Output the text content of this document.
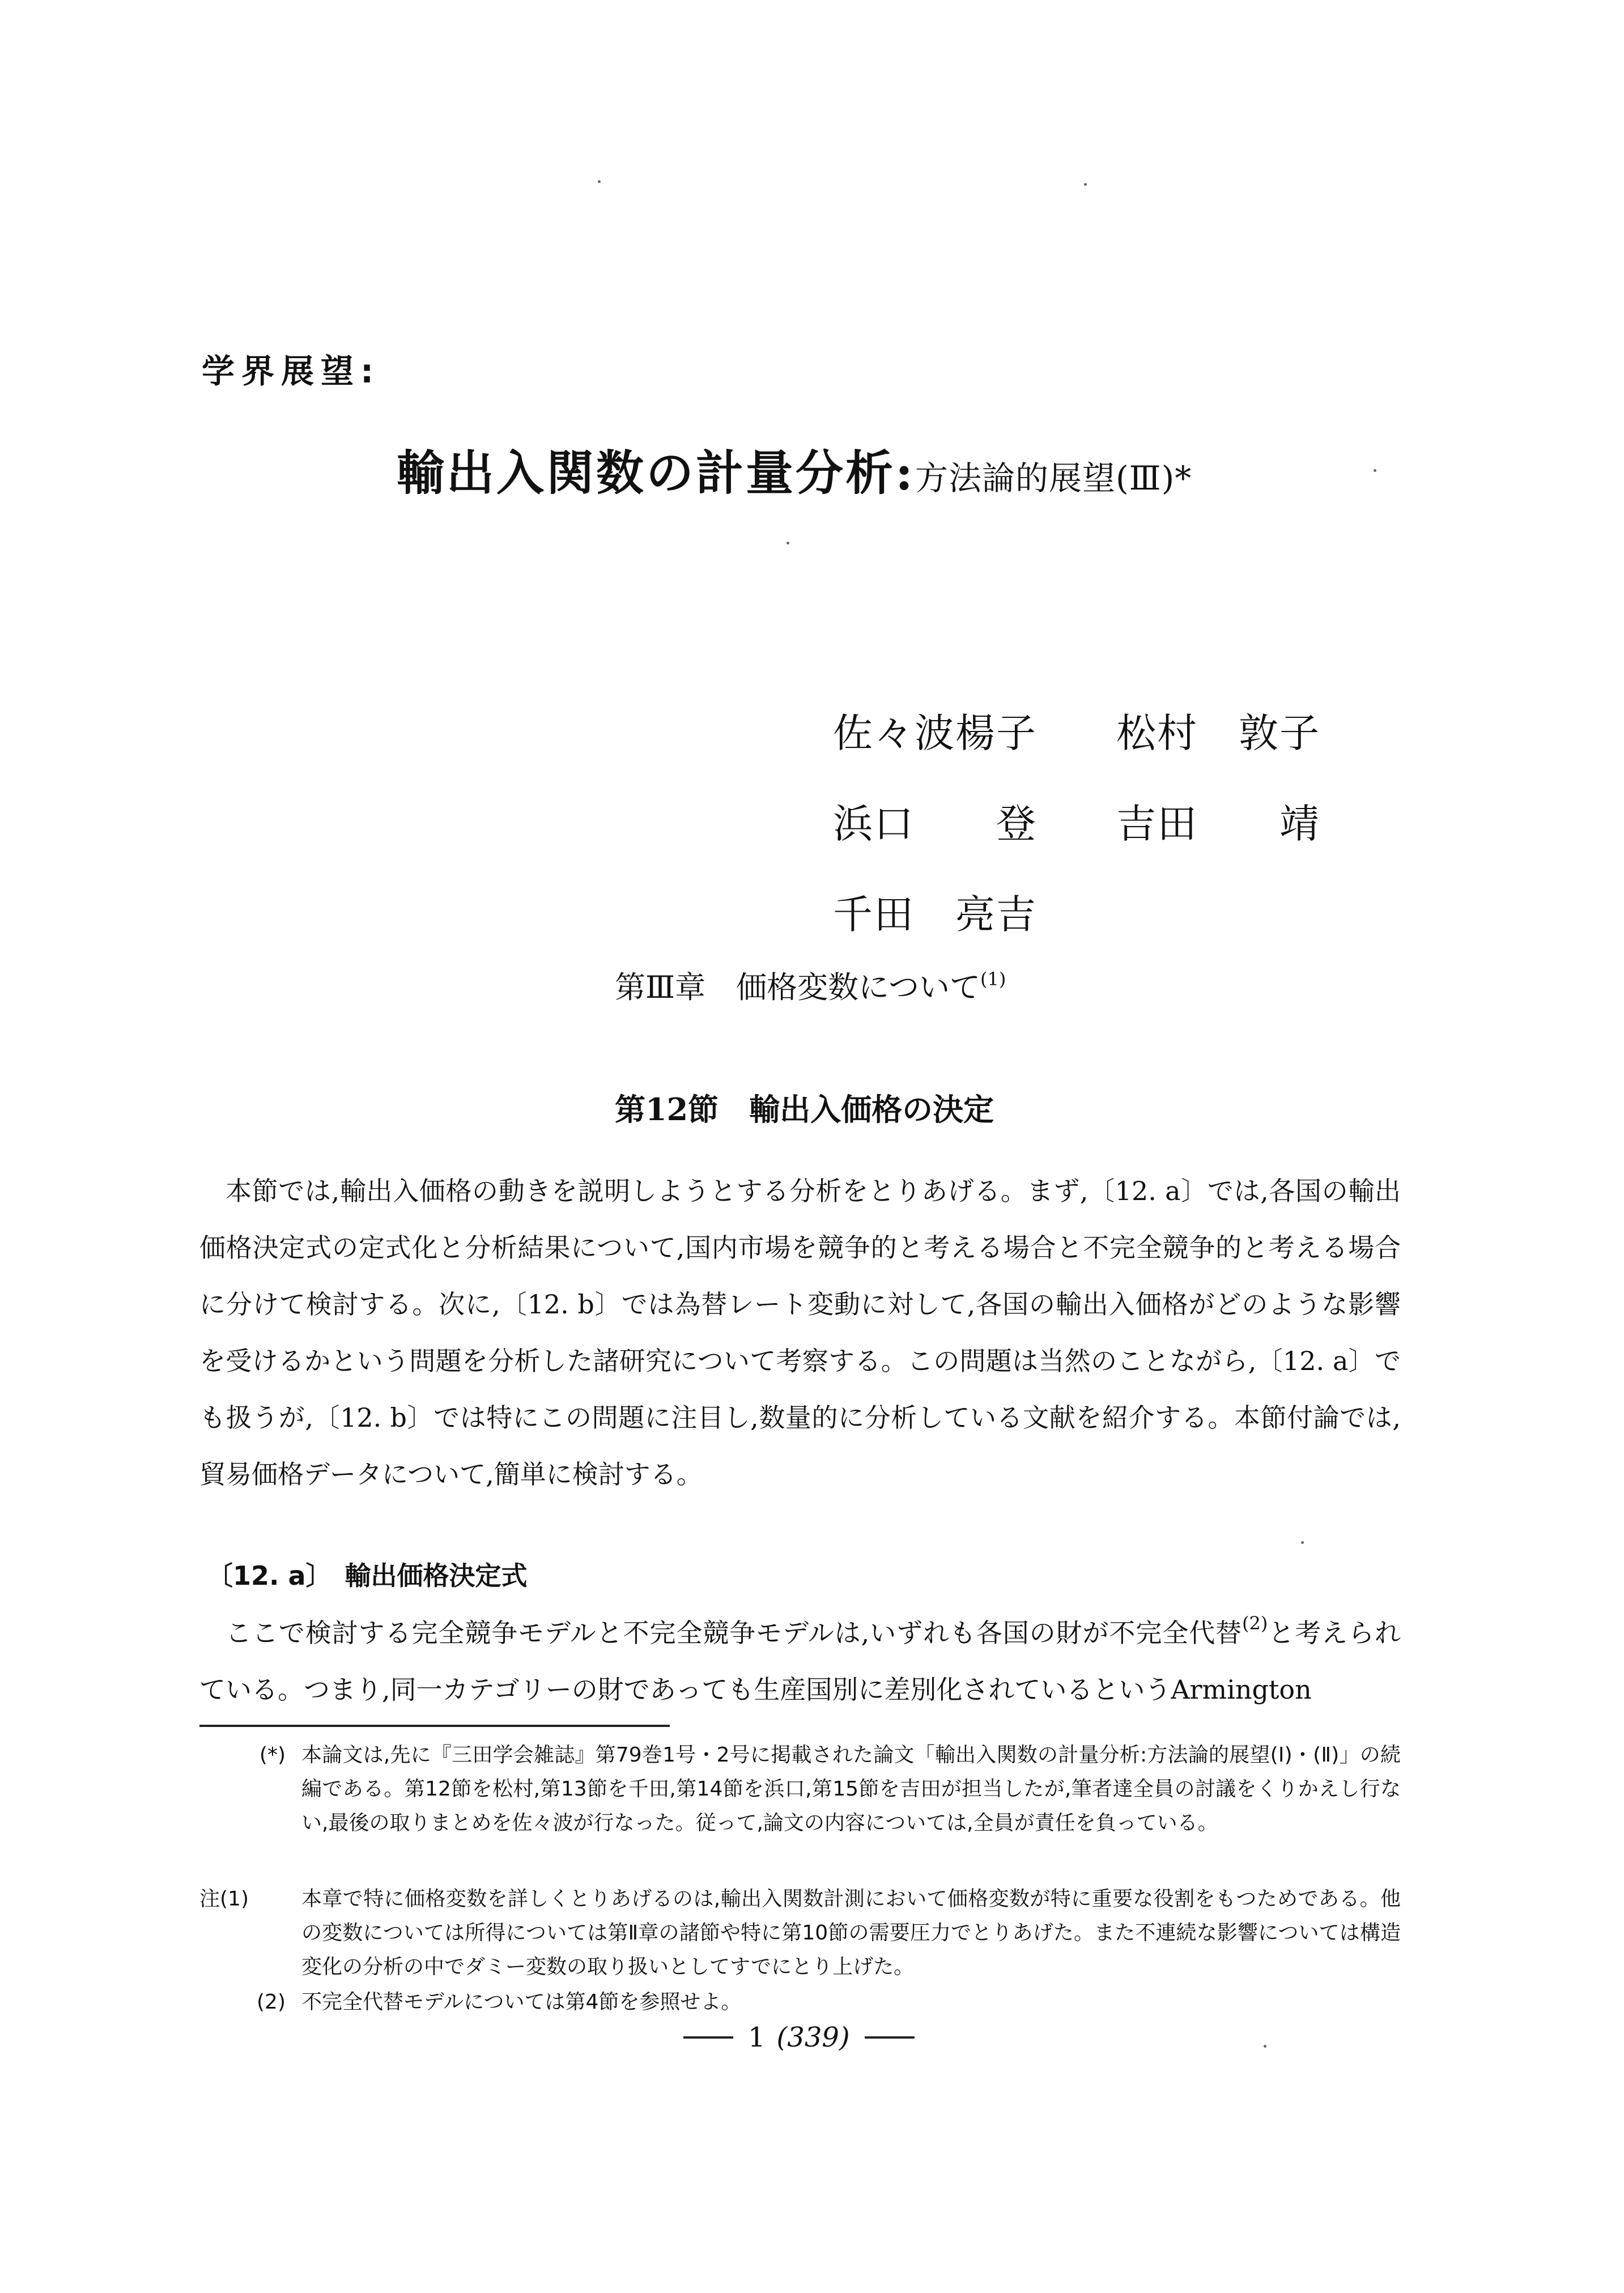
学界展望:
輸出入関数の計量分析:方法論的展望(Ⅲ)*
佐々波楊子	松村　敦子
浜口　　登	吉田　　靖
千田　亮吉
第Ⅲ章　価格変数について$^{(1)}$
第12節　輸出入価格の決定
本節では,輸出入価格の動きを説明しようとする分析をとりあげる。まず,〔12. a〕では,各国の輸出価格決定式の定式化と分析結果について,国内市場を競争的と考える場合と不完全競争的と考える場合に分けて検討する。次に,〔12. b〕では為替レート変動に対して,各国の輸出入価格がどのような影響を受けるかという問題を分析した諸研究について考察する。この問題は当然のことながら,〔12. a〕でも扱うが,〔12. b〕では特にこの問題に注目し,数量的に分析している文献を紹介する。本節付論では,貿易価格データについて,簡単に検討する。
〔12. a〕　輸出価格決定式
ここで検討する完全競争モデルと不完全競争モデルは,いずれも各国の財が不完全代替$^{(2)}$と考えられている。つまり,同一カテゴリーの財であっても生産国別に差別化されているというArmington
(*) 本論文は,先に『三田学会雑誌』第79巻1号・2号に掲載された論文「輸出入関数の計量分析:方法論的展望(Ⅰ)・(Ⅱ)」の続編である。第12節を松村,第13節を千田,第14節を浜口,第15節を吉田が担当したが,筆者達全員の討議をくりかえし行ない,最後の取りまとめを佐々波が行なった。従って,論文の内容については,全員が責任を負っている。
注(1)	本章で特に価格変数を詳しくとりあげるのは,輸出入関数計測において価格変数が特に重要な役割をもつためである。他の変数については所得については第Ⅱ章の諸節や特に第10節の需要圧力でとりあげた。また不連続な影響については構造変化の分析の中でダミー変数の取り扱いとしてすでにとり上げた。
(2) 不完全代替モデルについては第4節を参照せよ。
1 (339)
